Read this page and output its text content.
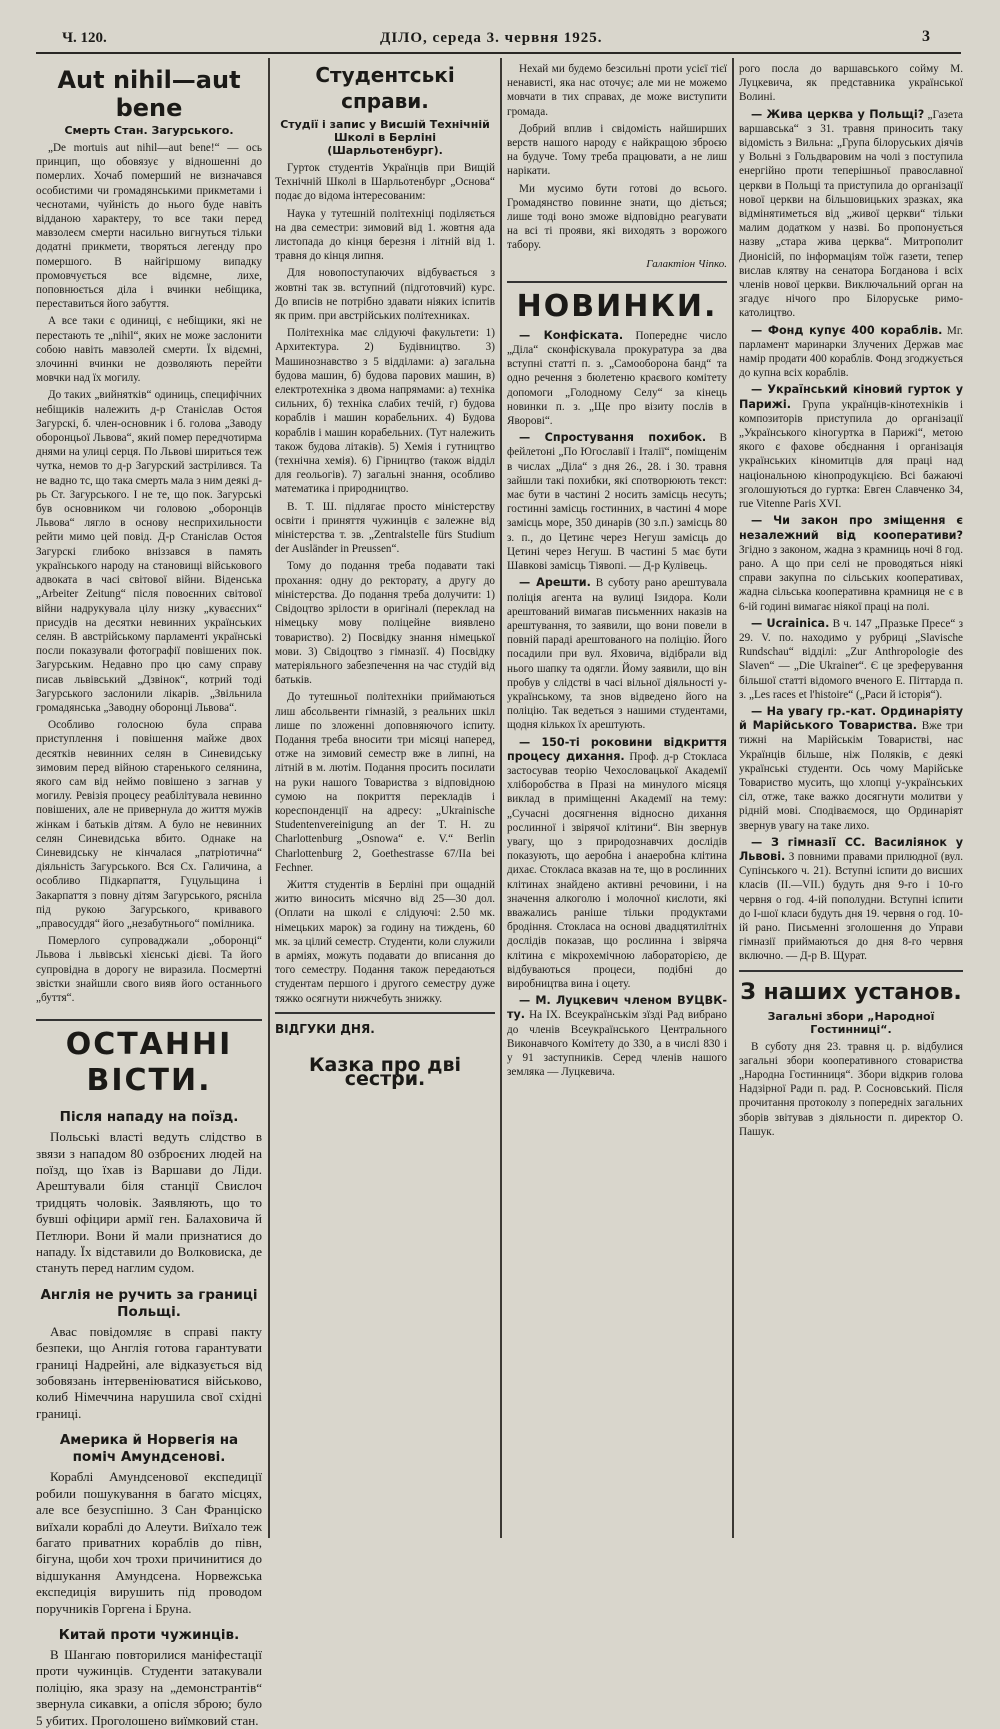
Ч. 120.	ДІЛО, середа 3. червня 1925.	3
Aut nihil—aut bene
Смерть Стан. Загурського.

„De mortuis aut nihil—aut bene!“ — ось принцип, що обовязує у відношенні до померлих. Хочаб померший не визначався особистими чи громадянськими прикметами і чеснотами, чуйність до нього буде навіть відданою характеру, то все таки перед мавзолеєм смерти насильно вигнуться тільки додатні прикмети, творяться легенду про помершого. В найгіршому випадку промовчується все відємне, лихе, поповнюється діла і вчинки небіщика, переставиться його забуття.

А все таки є одиниці, є небіщики, які не перестають те „nihil“, яких не може заслонити собою навіть мавзолей смерти. Їх відємні, злочинні вчинки не дозволяють перейти мовчки над їх могилу.

До таких „вийнятків“ одиниць, специфічних небіщиків належить д-р Станіслав Остоя Загурскі, б. член-основник і б. голова „Заводу оборонцьої Львова“, який помер передчотирма днями на улиці серця. По Львові шириться теж чутка, немов то д-р Загурский застрілився. Та не вадно тс, що така смерть мала з ним деякі д-рь Ст. Загурського. І не те, що пок. Загурські був основником чи головою „оборонців Львова“ лягло в основу несприхильности рейти мимо цей повід. Д-р Станіслав Остоя Загурскі глибоко вніззався в память українського народу на становищі військового адвоката в часі світової війни. Віденська „Arbeiter Zeitung“ після повоєнних світової війни надрукувала цілу низку „куваєсних“ присудів на десятки невинних українських селян. В австрійському парламенті українські посли показували фотографії повішених пок. Загурським. Недавно про цю саму справу писав львівський „Дзвінок“, котрий тоді Загурського заслонили лікарів. „Звільнила громадянська „Заводну оборонці Львова“.

Особливо голосною була справа приступлення і повішення майже двох десятків невинних селян в Синевидську зимовим перед війною старенького селянина, якого сам від неймо повішено з загнав у могилу. Ревізія процесу реабілітувала невинно повішених, але не привернула до життя мужів жінкам і батьків дітям. А було не невинних селян Синевидська вбито. Однаке на Синевидську не кінчалася „патріотична“ діяльність Загурського. Вся Сх. Галичина, а особливо Підкарпаття, Гуцульщина і Закарпаття з повну дітям Загурського, рясніла під рукою Загурського, кривавого „правосуддя“ його „незабутнього“ помілника.

Померлого супроваджали „оборонці“ Львова і львівські хієнські дієві. Та його супровідна в дорогу не виразила. Посмертні звістки знайшли свого вияв його останнього „буття“.

ОСТАННІ ВІСТИ.
Після нападу на поїзд.

Польські власті ведуть слідство в звязи з нападом 80 озброєних людей на поїзд, що їхав із Варшави до Ліди. Арештували біля станції Свислоч тридцять чоловік. Заявляють, що то бувші офіцири армії ген. Балаховича й Петлюри. Вони й мали признатися до нападу. Їх відставили до Волковиска, де стануть перед наглим судом.

Англія не ручить за границі Польщі.

Авас повідомляє в справі пакту безпеки, що Англія готова гарантувати границі Надрейні, але відказується від зобовязань інтервеніюватися військово, колиб Німеччина нарушила свої східні границі.

Америка й Норвегія на поміч Амундсенові.

Кораблі Амундсенової експедиції робили пошукування в багато місцях, але все безуспішно. З Сан Франціско виїхали кораблі до Алеути. Виїхало теж багато приватних кораблів до півн, бігуна, щоби хоч трохи причинитися до відшукання Амундсена. Норвежська експедиція вирушить під проводом поручників Горгена і Бруна.

Китай проти чужинців.

В Шангаю повторилися маніфестації проти чужинців. Студенти затакували поліцію, яка зразу на „демонстрантів“ звернула сикавки, а опісля зброю; було 5 убитих. Проголошено виїмковий стан.

Студентські справи.
Студії і запис у Висшій Технічній Школі в Берліні (Шарльотенбург).

Гурток студентів Українців при Вищій Технічній Школі в Шарльотенбург „Основа“ подає до відома інтересованим:

Наука у тутешній політехніці поділяється на два семестри: зимовий від 1. жовтня ада листопада до кінця березня і літній від 1. травня до кінця липня.

Для новопоступаючих відбувається з жовтні так зв. вступний (підготовчий) курс. До вписів не потрібно здавати ніяких іспитів як прим. при австрійських політехниках.

Політехніка має слідуючі факультети: 1) Архитектура. 2) Будівництво. 3) Машинознавство з 5 відділами: а) загальна будова машин, б) будова парових машин, в) електротехніка з двома напрямами: а) техніка сильних, б) техніка слабих течій, г) будова кораблів і машин корабельних. 4) Будова кораблів і машин корабельних. (Тут належить також будова літаків). 5) Хемія і гутництво (технічна хемія). 6) Гірництво (також відділ для геольогів). 7) загальні знання, особливо математика і природництво.

В. Т. Ш. підлягає просто міністерству освіти і приняття чужинців є залежне від міністерства т. зв. „Zentralstelle fürs Studium der Ausländer in Preussen“.

Тому до подання треба подавати такі прохання: одну до ректорату, а другу до міністерства. До подання треба долучити: 1) Свідоцтво зрілости в оригіналі (переклад на німецьку мову поліцейне виявлено товариство). 2) Посвідку знання німецької мови. 3) Свідоцтво з гімназії. 4) Посвідку матеріяльного забезпечення на час студій від батьків.

До тутешньої політехніки приймаються лиш абсольвенти гімназій, з реальних шкіл лише по зложенні доповняючого іспиту. Подання треба вносити три місяці наперед, отже на зимовий семестр вже в липні, на літній в м. лютім. Подання просить посилати на руки нашого Товариства з відповідною сумою на покриття перекладів і кореспонденції на адресу: „Ukrainische Studentenvereinigung an der T. H. zu Charlottenburg „Osnowa“ e. V.“ Berlin Charlottenburg 2, Goethestrasse 67/ІІа bei Fechner.

Життя студентів в Берліні при ощадній житю виносить місячно від 25—30 дол. (Оплати на школі є слідуючі: 2.50 мк. німецьких марок) за годину на тиждень, 60 мк. за цілий семестр. Студенти, коли служили в арміях, можуть подавати до вписання до того семестру. Подання також передаються студентам першого і другого семестру дуже тяжко осягнути нижчебуть знижку.

ВІДГУКИ ДНЯ.
Казка про дві сестри.

Нехай ми будемо безсильні проти усієї тієї ненависті, яка нас оточує; але ми не можемо мовчати в тих справах, де може виступити громада.

Добрий вплив і свідомість найширших верств нашого народу є найкращою зброєю на будуче. Тому треба працювати, а не лиш нарікати.

Ми мусимо бути готові до всього. Громадянство повинне знати, що діється; лише тоді воно зможе відповідно реагувати на всі ті прояви, які виходять з ворожого табору.

Галактіон Чіпко.
НОВИНКИ.

— Конфіската. Попереднє число „Діла“ сконфіскувала прокуратура за два вступні статті п. з. „Самооборона банд“ та одно речення з бюлетеню краєвого комітету допомоги „Голодному Селу“ за кінець новинки п. з. „Ще про візиту послів в Яворові“.

— Спростування похибок. В фейлетоні „По Югославії і Італії“, поміщенім в числах „Діла“ з дня 26., 28. і 30. травня зайшли такі похибки, які спотворюють текст: має бути в частині 2 носить замісць несуть; гостинні замісць гостинних, в частині 4 море замісць море, 350 динарів (30 з.п.) замісць 80 з. п., до Цетинє через Негуш замісць до Цетині через Негуш. В частині 5 має бути Шавкові замісць Тіявопі. — Д-р Кулівець.

— Арешти. В суботу рано арештувала поліція агента на вулиці Ізидора. Коли арештований вимагав письменних наказів на арештування, то заявили, що вони повели в повній параді арештованого на поліцію. Його посадили при вул. Яховича, відібрали від нього шапку та одягли. Йому заявили, що він пробув у слідстві в часі вільної діяльності у-українському, та знов відведено його на поліцію. Так ведеться з нашими студентами, щодня кількох їх арештують.

— 150-ті роковини відкриття процесу дихання. Проф. д-р Стокласа застосував теорію Чехословацької Академії хліборобства в Празі на минулого місяця виклад в приміщенні Академії на тему: „Сучасні досягнення відносно дихання рослинної і звірячої клітини“. Він звернув увагу, що з природознавчих дослідів показують, що аеробна і анаеробна клітина дихає. Стокласа вказав на те, що в рослинних клітинах знайдено активні речовини, і на значення алкоголю і молочної кислоти, які вважались раніше тільки продуктами бродіння. Стокласа на основі двадцятилітніх дослідів показав, що рослинна і звіряча клітина є мікрохемічною лабораторією, де відбуваються процеси, подібні до виробництва вина і оцету.

— М. Луцкевич членом ВУЦВК-ту. На IX. Всеукраїнськім зїзді Рад вибрано до членів Всеукраїнського Центрального Виконавчого Комітету до 330, а в числі 830 і у 91 заступників. Серед членів нашого земляка — Луцкевича.

рого посла до варшавського сойму М. Луцкевича, як представника української Волині.

— Жива церква у Польщі? „Газета варшавська“ з 31. травня приносить таку відомість з Вильна: „Група білоруських діячів у Вольні з Гольдваровим на чолі з поступила енергійно проти теперішньої православної церкви в Польщі та приступила до організації нової церкви на більшовицьких зразках, яка відмінятиметься від „живої церкви“ тільки малим додатком у назві. Бо пропонується назву „стара жива церква“. Митрополит Дионісій, по інформаціям тоїж газети, тепер вислав клятву на сенатора Богданова і всіх членів нової церкви. Виключальний орган на згадує нічого про Білоруське римо-католицтво.

— Фонд купує 400 кораблів. Мг. парламент маринарки Злучених Держав має намір продати 400 кораблів. Фонд згоджується до купна всіх кораблів.

— Український кіновий гурток у Парижі. Група українців-кінотехніків і композиторів приступила до організації „Українського кіногуртка в Парижі“, метою якого є фахове обєднання і організація українських кіномитців для праці над національною кінопродукцією. Всі бажаючі зголошуються до гуртка: Евген Славченко 34, rue Vitenne Paris XVI.

— Чи закон про зміщення є незалежний від кооперативи? Згідно з законом, жадна з крамниць ночі 8 год. рано. А що при селі не проводяться ніякі справи закупна по сільських кооперативах, жадна сільська кооперативна крамниця не є в 6-ій годині вимагає ніякої праці на полі.

— Ucrainica. В ч. 147 „Празьке Пресе“ з 29. V. по. находимо у рубриці „Slavische Rundschau“ відділі: „Zur Anthropologie des Slaven“ — „Die Ukrainer“. Є це зреферування більшої статті відомого вченого Е. Піттарда п. з. „Les races et l'histoire“ („Раси й історія“).

— На увагу гр.-кат. Ординаріяту й Марійського Товариства. Вже три тижні на Марійськім Товаристві, нас Українців більше, ніж Поляків, є деякі українські студенти. Ось чому Марійське Товариство мусить, що хлопці у-українських сіл, отже, таке важко досягнути молитви у рідній мові. Сподіваємося, що Ординаріят звернув увагу на таке лихо.

— З гімназії СС. Василіянок у Львові. З повними правами прилюдної (вул. Супінського ч. 21). Вступні іспити до висших класів (ІІ.—VII.) будуть дня 9-го і 10-го червня о год. 4-ій пополудни. Вступні іспити до І-шої класи будуть дня 19. червня о год. 10-ій рано. Письменні зголошення до Управи гімназії приймаються до дня 8-го червня включно. — Д-р В. Щурат.

З наших установ.
Загальні збори „Народної Гостинниці“.

В суботу дня 23. травня ц. р. відбулися загальні збори кооперативного стовариства „Народна Гостинниця“. Збори відкрив голова Надзірної Ради п. рад. Р. Сосновський. Після прочитання протоколу з попередніх загальних зборів звітував з діяльности п. директор О. Пашук.
